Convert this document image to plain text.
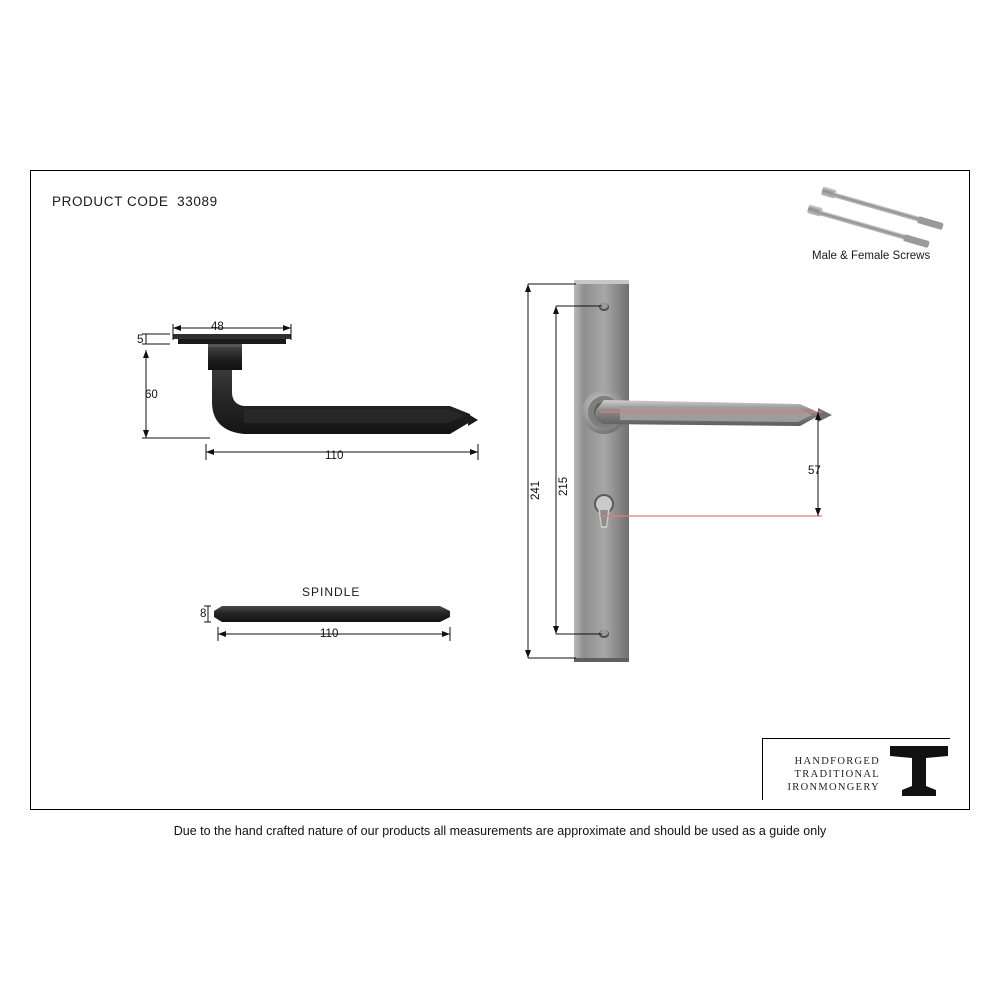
PRODUCT CODE  33089
Male & Female Screws
48
5
60
110
SPINDLE
8
110
241 215
57
HANDFORGED
TRADITIONAL
IRONMONGERY
Due to the hand crafted nature of our products all measurements are approximate and should be used as a guide only
